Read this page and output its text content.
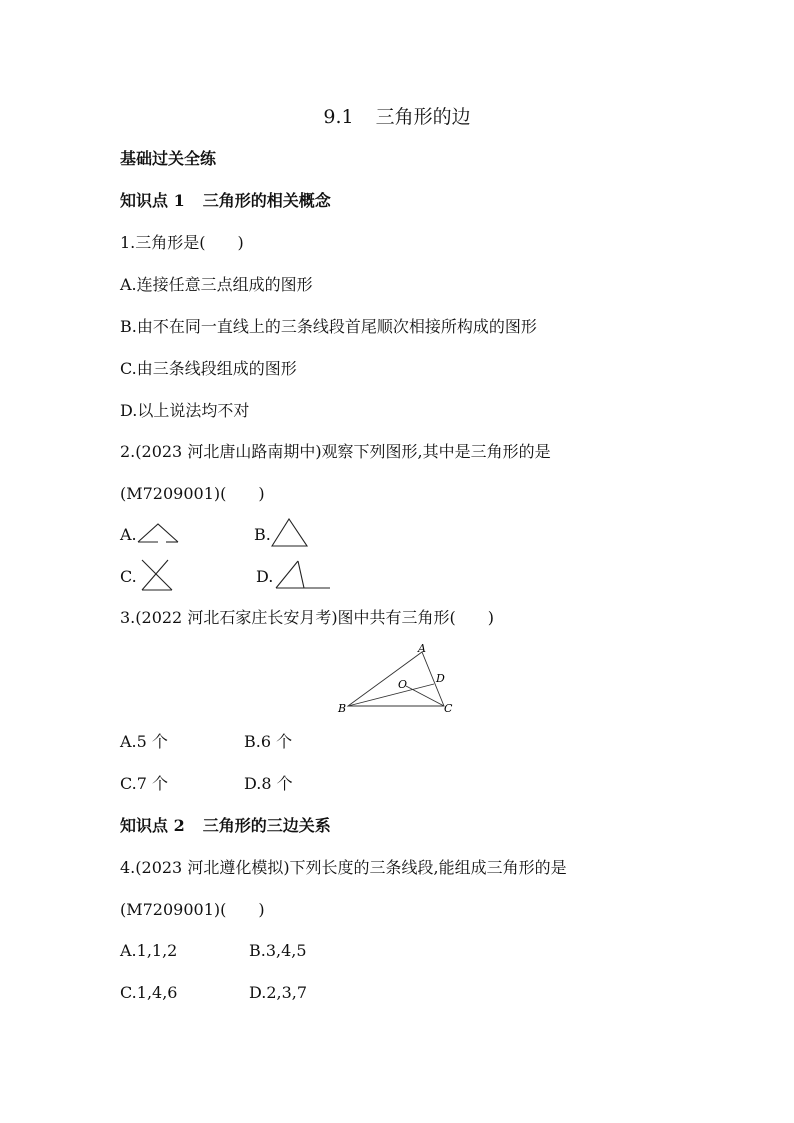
9.1 三角形的边
基础过关全练
知识点 1 三角形的相关概念
1.三角形是(　　)
A.连接任意三点组成的图形
B.由不在同一直线上的三条线段首尾顺次相接所构成的图形
C.由三条线段组成的图形
D.以上说法均不对
2.(2023 河北唐山路南期中)观察下列图形,其中是三角形的是
(M7209001)(　　)
A.	B.
C.	D.
3.(2022 河北石家庄长安月考)图中共有三角形(　　)
A
B	C
D
O
A.5 个	B.6 个
C.7 个	D.8 个
知识点 2 三角形的三边关系
4.(2023 河北遵化模拟)下列长度的三条线段,能组成三角形的是
(M7209001)(　　)
A.1,1,2	B.3,4,5
C.1,4,6	D.2,3,7
